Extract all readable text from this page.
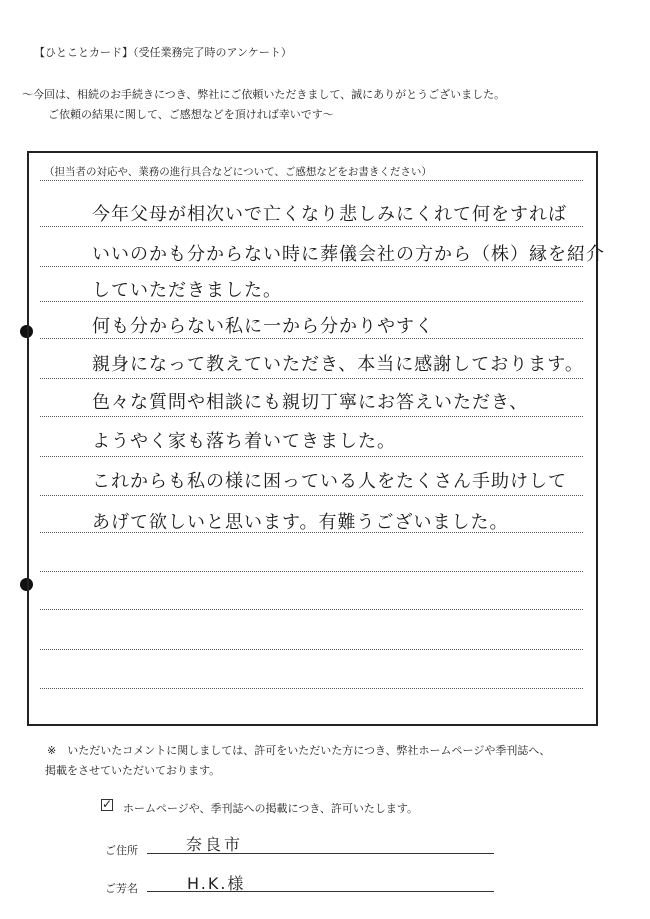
【ひとことカード】（受任業務完了時のアンケート）
～今回は、相続のお手続きにつき、弊社にご依頼いただきまして、誠にありがとうございました。
ご依頼の結果に関して、ご感想などを頂ければ幸いです～
（担当者の対応や、業務の進行具合などについて、ご感想などをお書きください）
今年父母が相次いで亡くなり悲しみにくれて何をすれば
いいのかも分からない時に葬儀会社の方から（株）縁を紹介
していただきました。
何も分からない私に一から分かりやすく
親身になって教えていただき、本当に感謝しております。
色々な質問や相談にも親切丁寧にお答えいただき、
ようやく家も落ち着いてきました。
これからも私の様に困っている人をたくさん手助けして
あげて欲しいと思います。有難うございました。
※　いただいたコメントに関しましては、許可をいただいた方につき、弊社ホームページや季刊誌へ、
掲載をさせていただいております。
✓ ホームページや、季刊誌への掲載につき、許可いたします。
ご住所	奈良市
ご芳名	H.K.様
